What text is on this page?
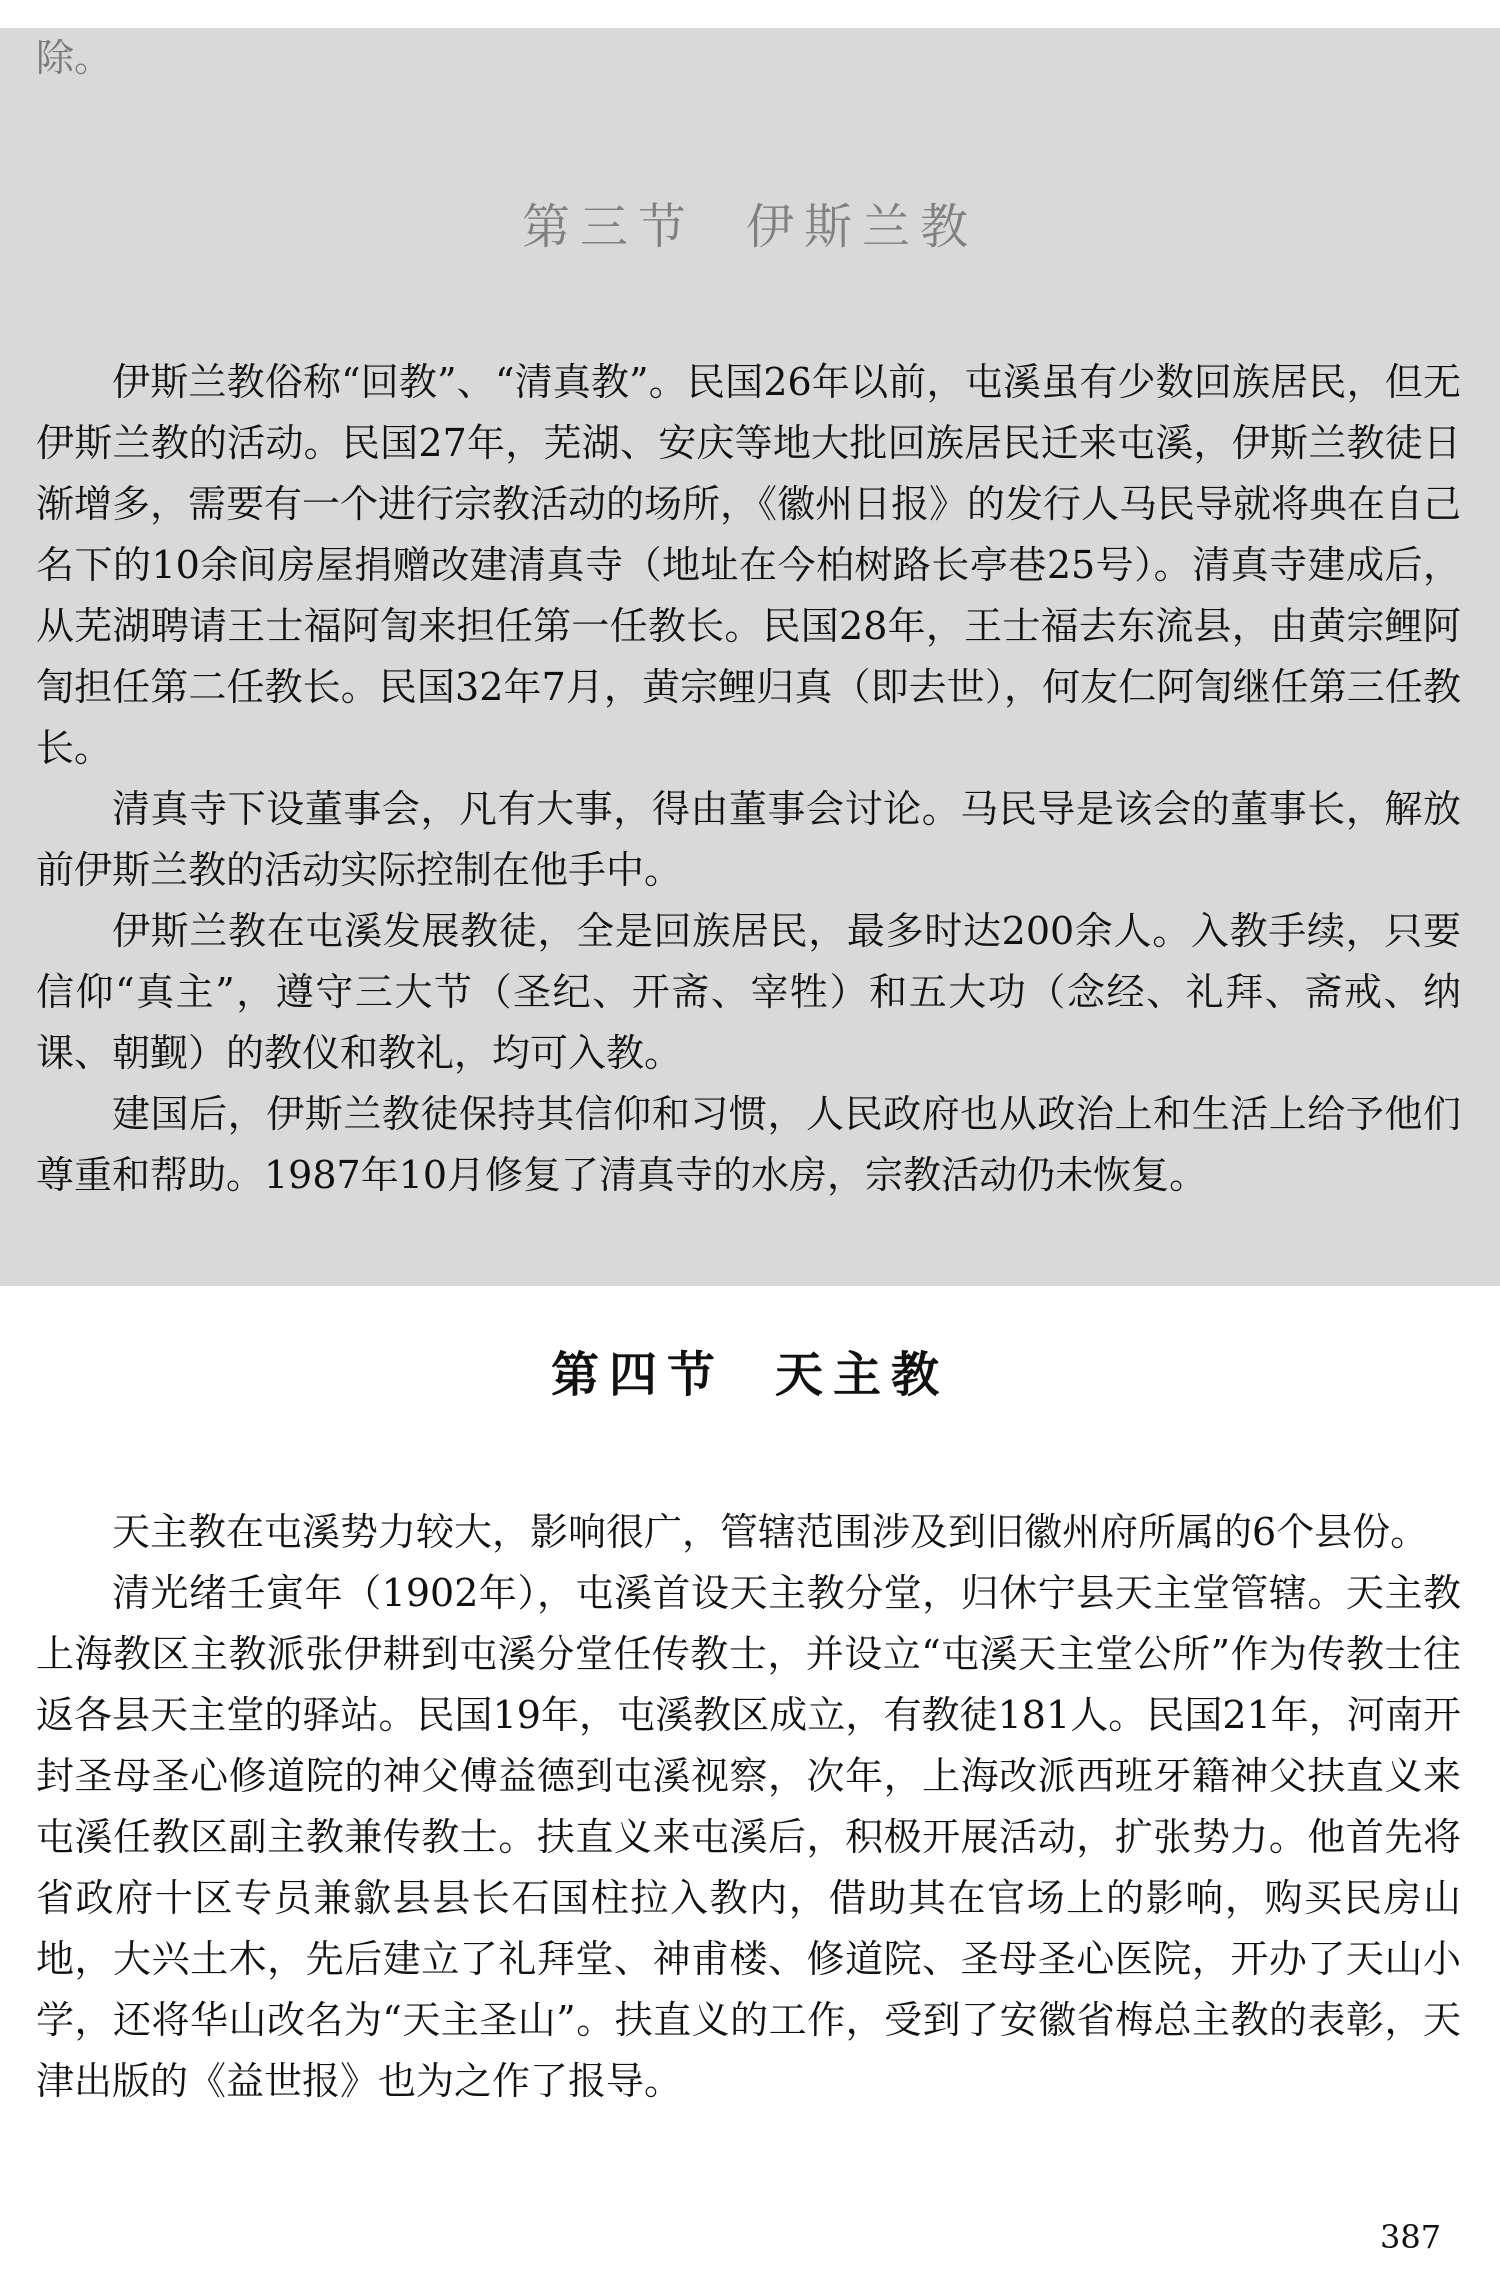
除。

第三节 伊斯兰教

伊斯兰教俗称“回教”、“清真教”。民国26年以前，屯溪虽有少数回族居民，但无伊斯兰教的活动。民国27年，芜湖、安庆等地大批回族居民迁来屯溪，伊斯兰教徒日渐增多，需要有一个进行宗教活动的场所，《徽州日报》的发行人马民导就将典在自己名下的10余间房屋捐赠改建清真寺（地址在今柏树路长亭巷25号）。清真寺建成后，从芜湖聘请王士福阿訇来担任第一任教长。民国28年，王士福去东流县，由黄宗鲤阿訇担任第二任教长。民国32年7月，黄宗鲤归真（即去世），何友仁阿訇继任第三任教长。

清真寺下设董事会，凡有大事，得由董事会讨论。马民导是该会的董事长，解放前伊斯兰教的活动实际控制在他手中。

伊斯兰教在屯溪发展教徒，全是回族居民，最多时达200余人。入教手续，只要信仰“真主”，遵守三大节（圣纪、开斋、宰牲）和五大功（念经、礼拜、斋戒、纳课、朝觐）的教仪和教礼，均可入教。

建国后，伊斯兰教徒保持其信仰和习惯，人民政府也从政治上和生活上给予他们尊重和帮助。1987年10月修复了清真寺的水房，宗教活动仍未恢复。

第四节 天主教

天主教在屯溪势力较大，影响很广，管辖范围涉及到旧徽州府所属的6个县份。

清光绪壬寅年（1902年），屯溪首设天主教分堂，归休宁县天主堂管辖。天主教上海教区主教派张伊耕到屯溪分堂任传教士，并设立“屯溪天主堂公所”作为传教士往返各县天主堂的驿站。民国19年，屯溪教区成立，有教徒181人。民国21年，河南开封圣母圣心修道院的神父傅益德到屯溪视察，次年，上海改派西班牙籍神父扶直义来屯溪任教区副主教兼传教士。扶直义来屯溪后，积极开展活动，扩张势力。他首先将省政府十区专员兼歙县县长石国柱拉入教内，借助其在官场上的影响，购买民房山地，大兴土木，先后建立了礼拜堂、神甫楼、修道院、圣母圣心医院，开办了天山小学，还将华山改名为“天主圣山”。扶直义的工作，受到了安徽省梅总主教的表彰，天津出版的《益世报》也为之作了报导。

387
